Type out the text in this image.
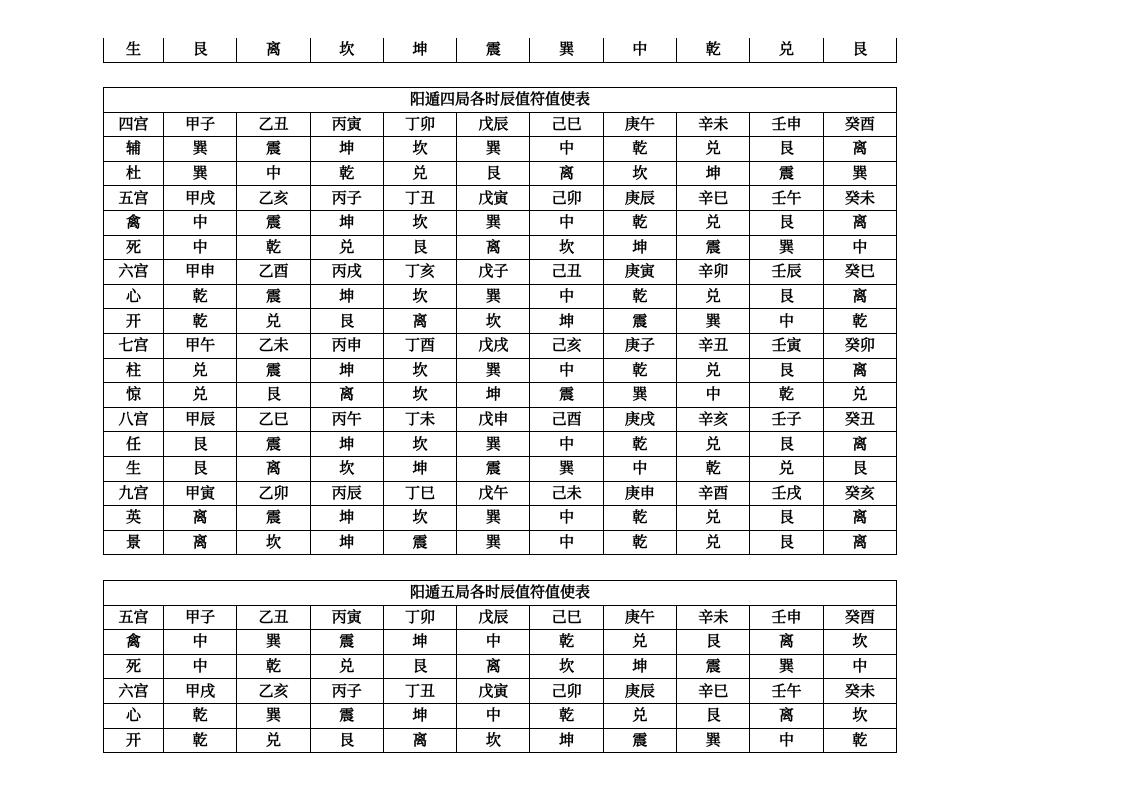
生	艮	离	坎	坤	震	巽	中	乾	兑	艮
阳遁四局各时辰值符值使表										
四宫	甲子	乙丑	丙寅	丁卯	戊辰	己巳	庚午	辛未	壬申	癸酉
辅	巽	震	坤	坎	巽	中	乾	兑	艮	离
杜	巽	中	乾	兑	艮	离	坎	坤	震	巽
五宫	甲戌	乙亥	丙子	丁丑	戊寅	己卯	庚辰	辛巳	壬午	癸未
禽	中	震	坤	坎	巽	中	乾	兑	艮	离
死	中	乾	兑	艮	离	坎	坤	震	巽	中
六宫	甲申	乙酉	丙戌	丁亥	戊子	己丑	庚寅	辛卯	壬辰	癸巳
心	乾	震	坤	坎	巽	中	乾	兑	艮	离
开	乾	兑	艮	离	坎	坤	震	巽	中	乾
七宫	甲午	乙未	丙申	丁酉	戊戌	己亥	庚子	辛丑	壬寅	癸卯
柱	兑	震	坤	坎	巽	中	乾	兑	艮	离
惊	兑	艮	离	坎	坤	震	巽	中	乾	兑
八宫	甲辰	乙巳	丙午	丁未	戊申	己酉	庚戌	辛亥	壬子	癸丑
任	艮	震	坤	坎	巽	中	乾	兑	艮	离
生	艮	离	坎	坤	震	巽	中	乾	兑	艮
九宫	甲寅	乙卯	丙辰	丁巳	戊午	己未	庚申	辛酉	壬戌	癸亥
英	离	震	坤	坎	巽	中	乾	兑	艮	离
景	离	坎	坤	震	巽	中	乾	兑	艮	离
阳遁五局各时辰值符值使表										
五宫	甲子	乙丑	丙寅	丁卯	戊辰	己巳	庚午	辛未	壬申	癸酉
禽	中	巽	震	坤	中	乾	兑	艮	离	坎
死	中	乾	兑	艮	离	坎	坤	震	巽	中
六宫	甲戌	乙亥	丙子	丁丑	戊寅	己卯	庚辰	辛巳	壬午	癸未
心	乾	巽	震	坤	中	乾	兑	艮	离	坎
开	乾	兑	艮	离	坎	坤	震	巽	中	乾
